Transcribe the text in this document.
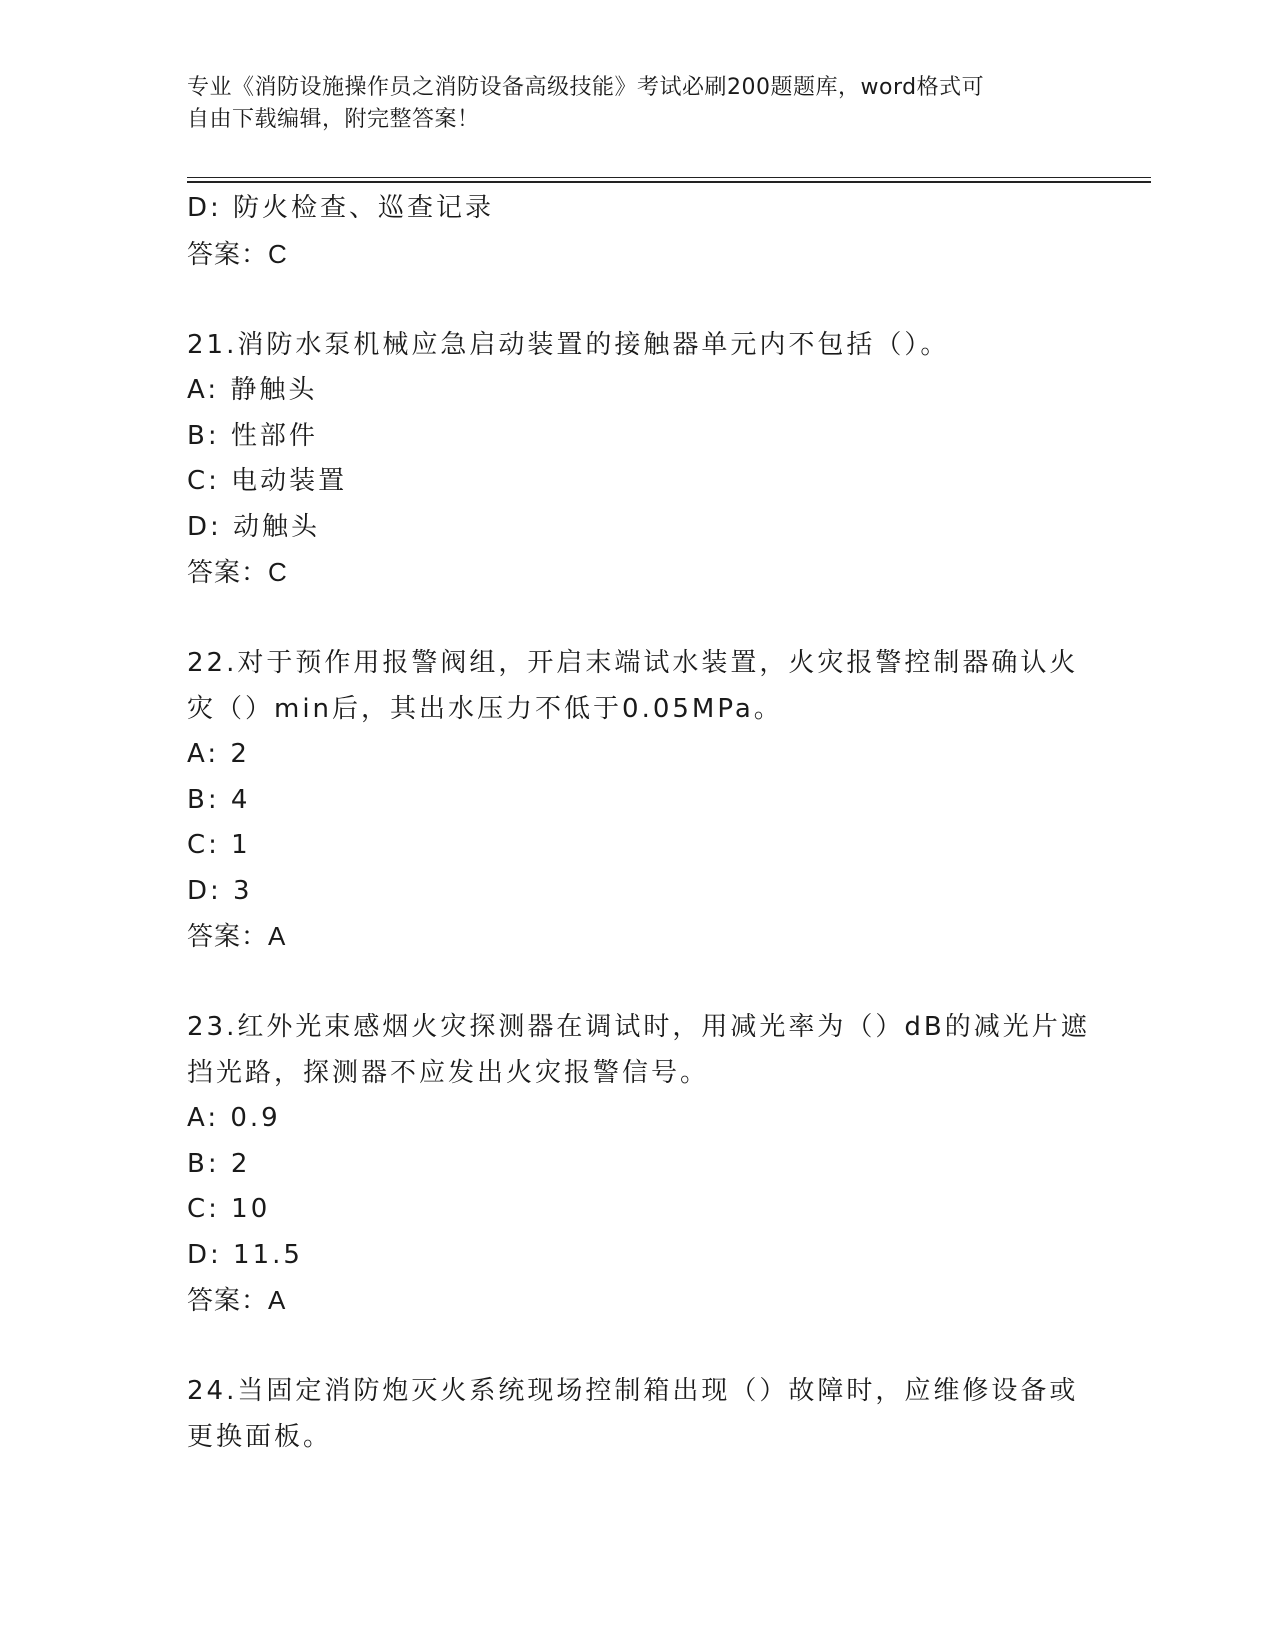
专业《消防设施操作员之消防设备高级技能》考试必刷200题题库，word格式可
自由下载编辑，附完整答案！
D: 防火检查、巡查记录
答案：C
21.消防水泵机械应急启动装置的接触器单元内不包括（）。
A: 静触头
B: 性部件
C: 电动装置
D: 动触头
答案：C
22.对于预作用报警阀组，开启末端试水装置，火灾报警控制器确认火
灾（）min后，其出水压力不低于0.05MPa。
A: 2
B: 4
C: 1
D: 3
答案：A
23.红外光束感烟火灾探测器在调试时，用减光率为（）dB的减光片遮
挡光路，探测器不应发出火灾报警信号。
A: 0.9
B: 2
C: 10
D: 11.5
答案：A
24.当固定消防炮灭火系统现场控制箱出现（）故障时，应维修设备或
更换面板。
